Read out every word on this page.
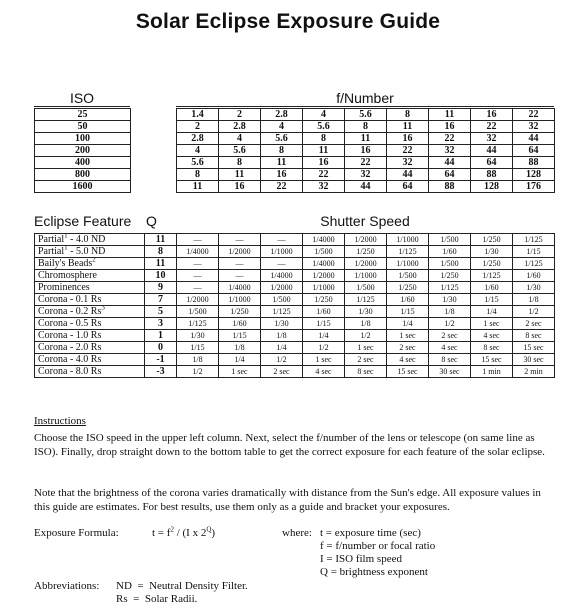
Solar Eclipse Exposure Guide
ISO	f/Number
25		1.4	2	2.8	4	5.6	8	11	16	22
50		2	2.8	4	5.6	8	11	16	22	32
100		2.8	4	5.6	8	11	16	22	32	44
200		4	5.6	8	11	16	22	32	44	64
400		5.6	8	11	16	22	32	44	64	88
800		8	11	16	22	32	44	64	88	128
1600		11	16	22	32	44	64	88	128	176
Eclipse Feature	Q	Shutter Speed
Partial$^1$ - 4.0 ND	11	—	—	—	1/4000	1/2000	1/1000	1/500	1/250	1/125
Partial$^1$ - 5.0 ND	8	1/4000	1/2000	1/1000	1/500	1/250	1/125	1/60	1/30	1/15
Baily's Beads$^2$	11	—	—	—	1/4000	1/2000	1/1000	1/500	1/250	1/125
Chromosphere	10	—	—	1/4000	1/2000	1/1000	1/500	1/250	1/125	1/60
Prominences	9	—	1/4000	1/2000	1/1000	1/500	1/250	1/125	1/60	1/30
Corona - 0.1 Rs	7	1/2000	1/1000	1/500	1/250	1/125	1/60	1/30	1/15	1/8
Corona - 0.2 Rs$^3$	5	1/500	1/250	1/125	1/60	1/30	1/15	1/8	1/4	1/2
Corona - 0.5 Rs	3	1/125	1/60	1/30	1/15	1/8	1/4	1/2	1 sec	2 sec
Corona - 1.0 Rs	1	1/30	1/15	1/8	1/4	1/2	1 sec	2 sec	4 sec	8 sec
Corona - 2.0 Rs	0	1/15	1/8	1/4	1/2	1 sec	2 sec	4 sec	8 sec	15 sec
Corona - 4.0 Rs	-1	1/8	1/4	1/2	1 sec	2 sec	4 sec	8 sec	15 sec	30 sec
Corona - 8.0 Rs	-3	1/2	1 sec	2 sec	4 sec	8 sec	15 sec	30 sec	1 min	2 min
Instructions
Choose the ISO speed in the upper left column. Next, select the f/number of the lens or telescope (on same line as ISO). Finally, drop straight down to the bottom table to get the correct exposure for each feature of the solar eclipse.
Note that the brightness of the corona varies dramatically with distance from the Sun's edge. All exposure values in this guide are estimates. For best results, use them only as a guide and bracket your exposures.
Exposure Formula:	$t = f^2 / (I$ x $2^Q$)	where: t = exposure time (sec)
f = f/number or focal ratio
I = ISO film speed
Q = brightness exponent
Abbreviations: ND  =  Neutral Density Filter.
Rs  =  Solar Radii.
